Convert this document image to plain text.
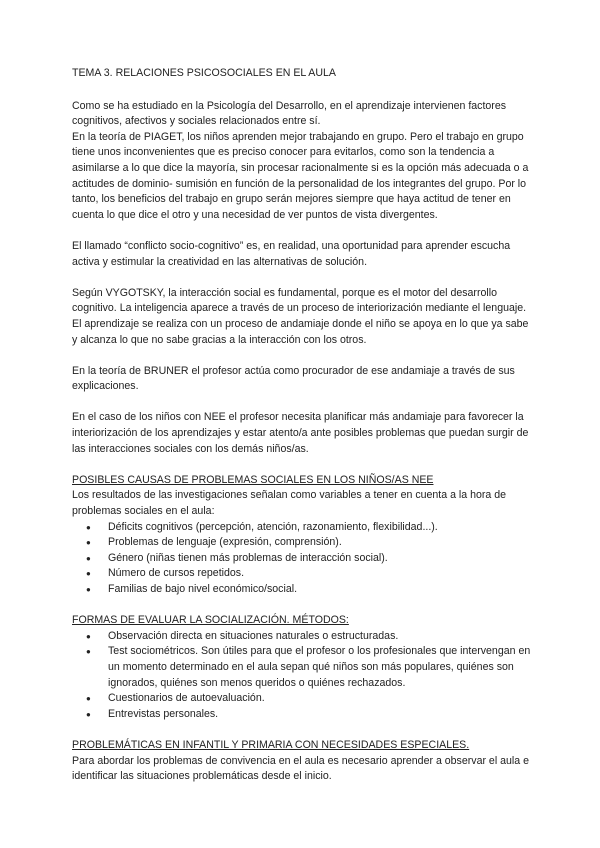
TEMA 3. RELACIONES PSICOSOCIALES EN EL AULA

Como se ha estudiado en la Psicología del Desarrollo, en el aprendizaje intervienen factores cognitivos, afectivos y sociales relacionados entre sí.

En la teoría de PIAGET, los niños aprenden mejor trabajando en grupo. Pero el trabajo en grupo tiene unos inconvenientes que es preciso conocer para evitarlos, como son la tendencia a asimilarse a lo que dice la mayoría, sin procesar racionalmente si es la opción más adecuada o a actitudes de dominio- sumisión en función de la personalidad de los integrantes del grupo. Por lo tanto, los beneficios del trabajo en grupo serán mejores siempre que haya actitud de tener en cuenta lo que dice el otro y una necesidad de ver puntos de vista divergentes.

El llamado “conflicto socio-cognitivo” es, en realidad, una oportunidad para aprender escucha activa y estimular la creatividad en las alternativas de solución.

Según VYGOTSKY, la interacción social es fundamental, porque es el motor del desarrollo cognitivo. La inteligencia aparece a través de un proceso de interiorización mediante el lenguaje. El aprendizaje se realiza con un proceso de andamiaje donde el niño se apoya en lo que ya sabe y alcanza lo que no sabe gracias a la interacción con los otros.

En la teoría de BRUNER el profesor actúa como procurador de ese andamiaje a través de sus explicaciones.

En el caso de los niños con NEE el profesor necesita planificar más andamiaje para favorecer la interiorización de los aprendizajes y estar atento/a ante posibles problemas que puedan surgir de las interacciones sociales con los demás niños/as.

POSIBLES CAUSAS DE PROBLEMAS SOCIALES EN LOS NIÑOS/AS NEE

Los resultados de las investigaciones señalan como variables a tener en cuenta a la hora de problemas sociales en el aula:

● Déficits cognitivos (percepción, atención, razonamiento, flexibilidad...).
● Problemas de lenguaje (expresión, comprensión).
● Género (niñas tienen más problemas de interacción social).
● Número de cursos repetidos.
● Familias de bajo nivel económico/social.

FORMAS DE EVALUAR LA SOCIALIZACIÓN. MÉTODOS:

● Observación directa en situaciones naturales o estructuradas.
● Test sociométricos. Son útiles para que el profesor o los profesionales que intervengan en un momento determinado en el aula sepan qué niños son más populares, quiénes son ignorados, quiénes son menos queridos o quiénes rechazados.
● Cuestionarios de autoevaluación.
● Entrevistas personales.

PROBLEMÁTICAS EN INFANTIL Y PRIMARIA CON NECESIDADES ESPECIALES.

Para abordar los problemas de convivencia en el aula es necesario aprender a observar el aula e identificar las situaciones problemáticas desde el inicio.
